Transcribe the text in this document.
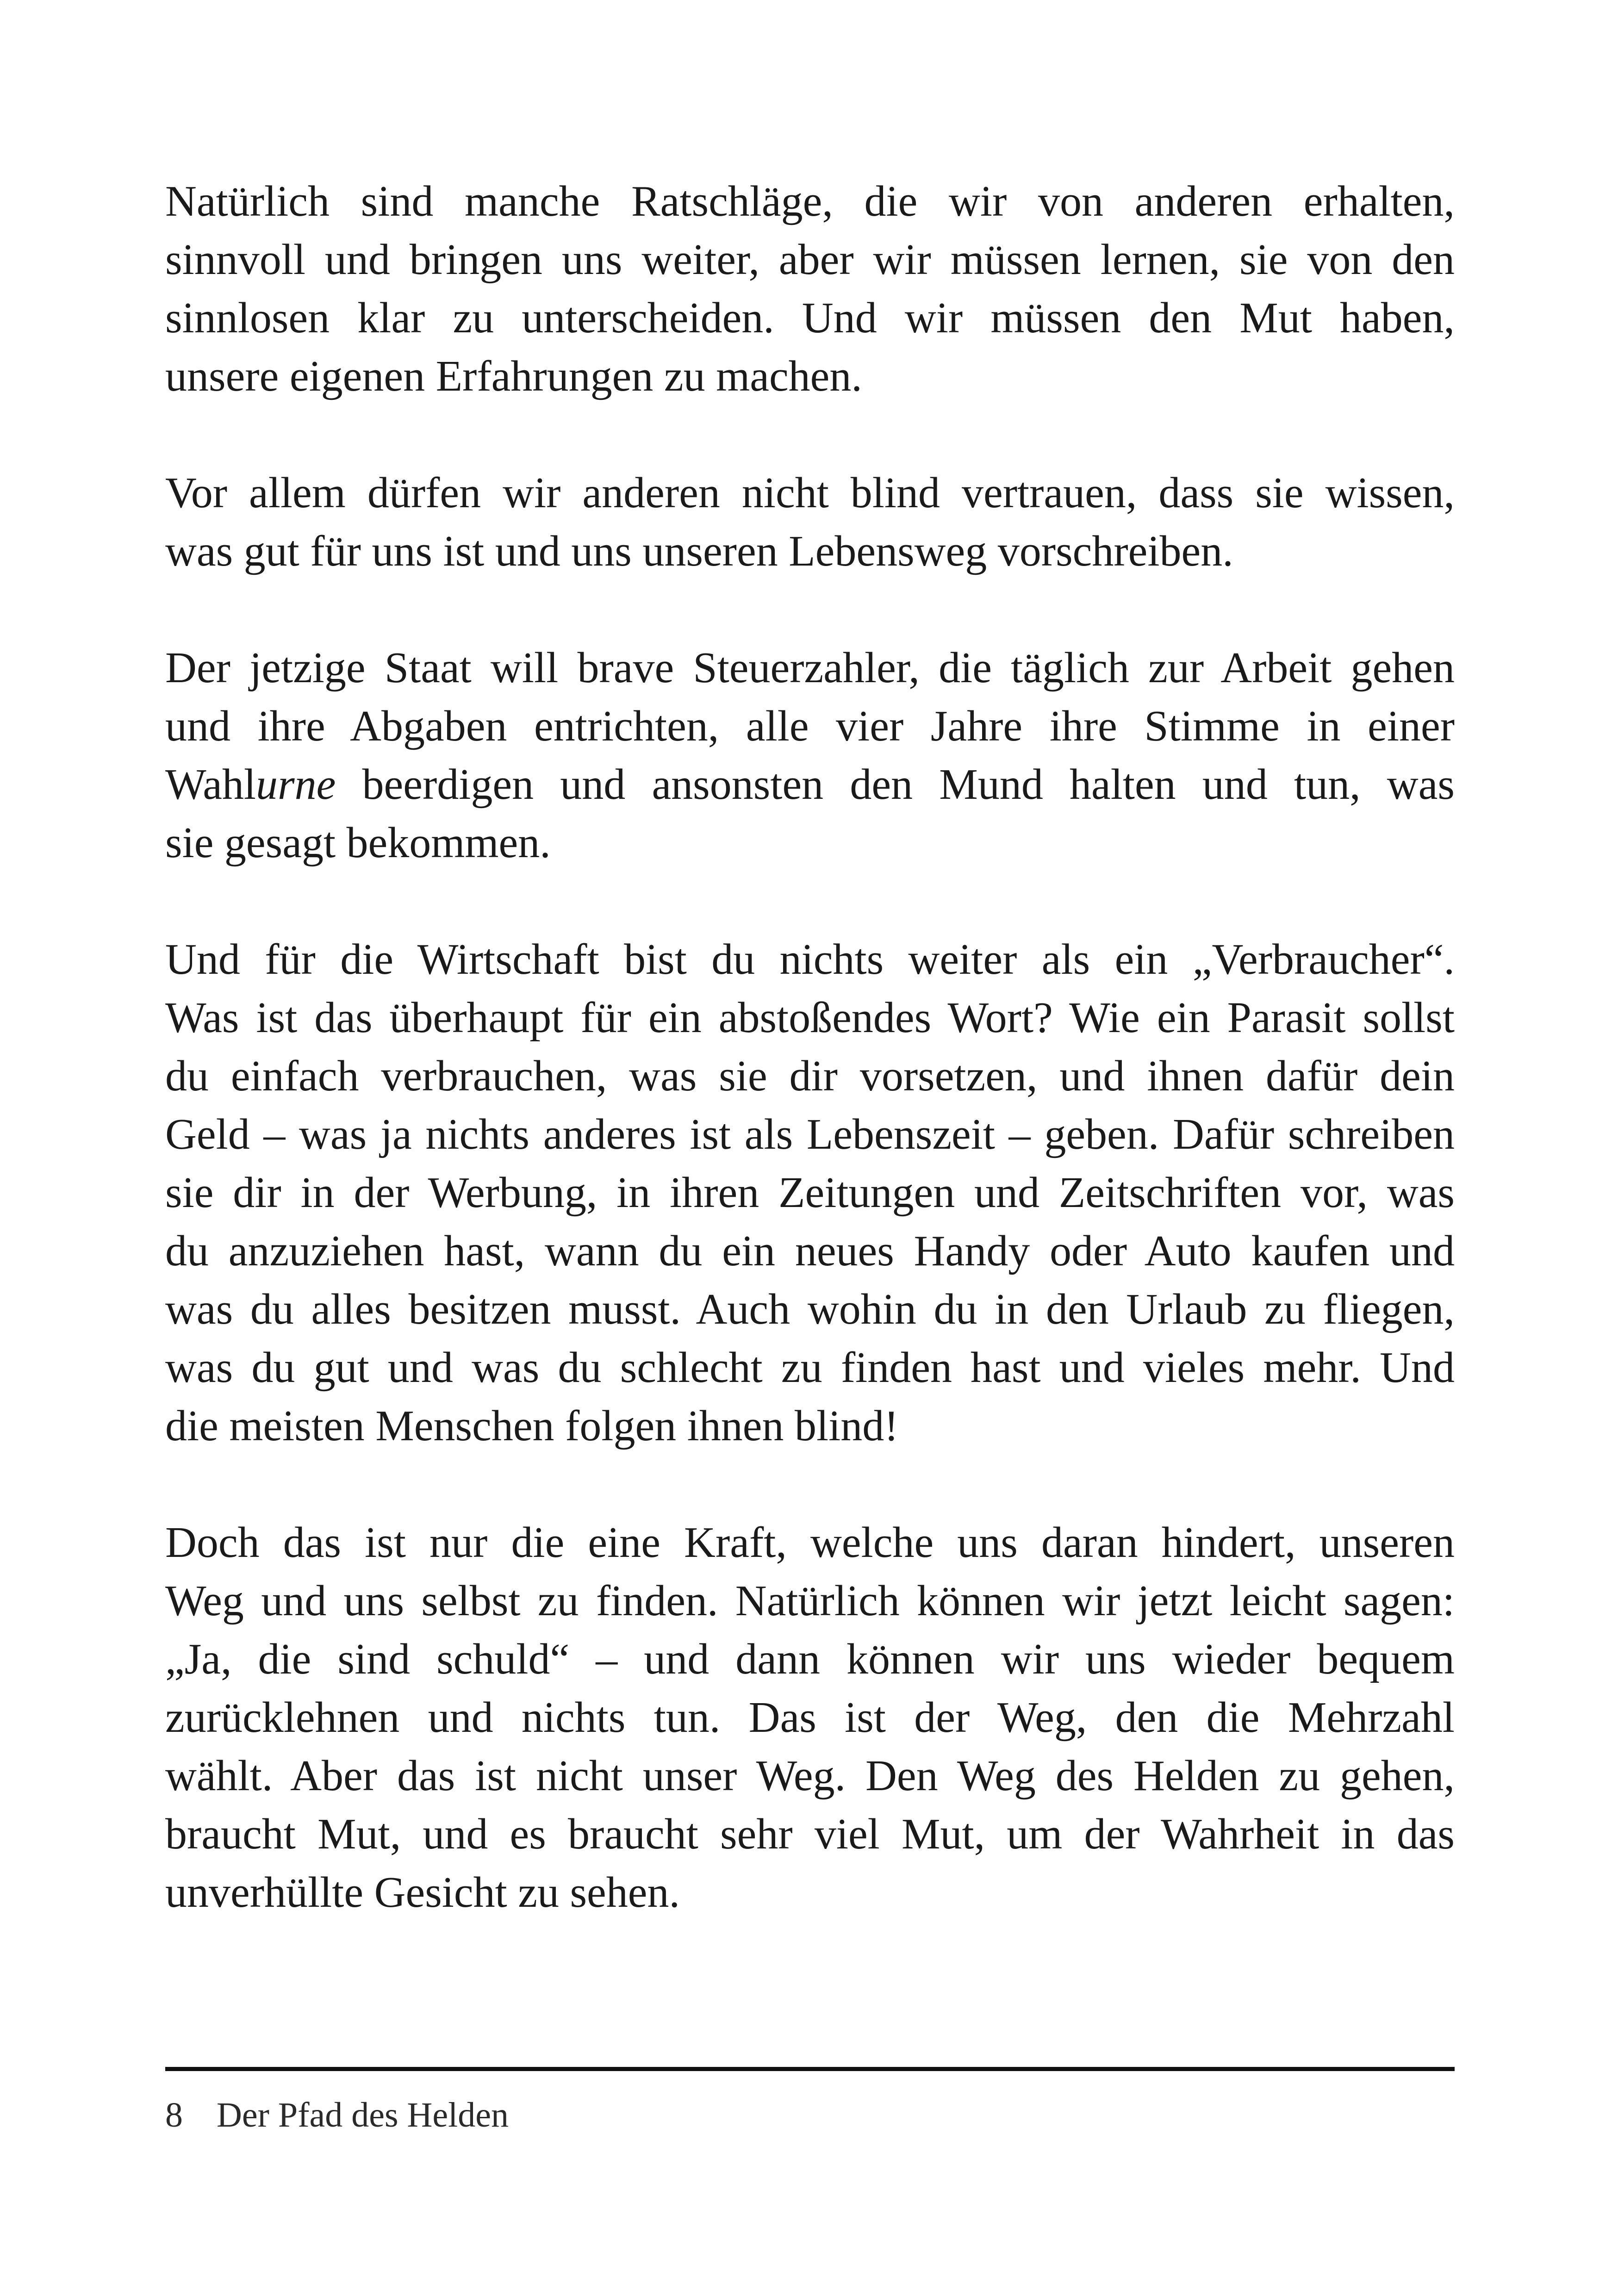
Natürlich sind manche Ratschläge, die wir von anderen erhalten,
sinnvoll und bringen uns weiter, aber wir müssen lernen, sie von den
sinnlosen klar zu unterscheiden. Und wir müssen den Mut haben,
unsere eigenen Erfahrungen zu machen.

Vor allem dürfen wir anderen nicht blind vertrauen, dass sie wissen,
was gut für uns ist und uns unseren Lebensweg vorschreiben.

Der jetzige Staat will brave Steuerzahler, die täglich zur Arbeit gehen
und ihre Abgaben entrichten, alle vier Jahre ihre Stimme in einer
Wahlurne beerdigen und ansonsten den Mund halten und tun, was
sie gesagt bekommen.

Und für die Wirtschaft bist du nichts weiter als ein „Verbraucher“.
Was ist das überhaupt für ein abstoßendes Wort? Wie ein Parasit sollst
du einfach verbrauchen, was sie dir vorsetzen, und ihnen dafür dein
Geld – was ja nichts anderes ist als Lebenszeit – geben. Dafür schreiben
sie dir in der Werbung, in ihren Zeitungen und Zeitschriften vor, was
du anzuziehen hast, wann du ein neues Handy oder Auto kaufen und
was du alles besitzen musst. Auch wohin du in den Urlaub zu fliegen,
was du gut und was du schlecht zu finden hast und vieles mehr. Und
die meisten Menschen folgen ihnen blind!

Doch das ist nur die eine Kraft, welche uns daran hindert, unseren
Weg und uns selbst zu finden. Natürlich können wir jetzt leicht sagen:
„Ja, die sind schuld“ – und dann können wir uns wieder bequem
zurücklehnen und nichts tun. Das ist der Weg, den die Mehrzahl
wählt. Aber das ist nicht unser Weg. Den Weg des Helden zu gehen,
braucht Mut, und es braucht sehr viel Mut, um der Wahrheit in das
unverhüllte Gesicht zu sehen.

8 Der Pfad des Helden
